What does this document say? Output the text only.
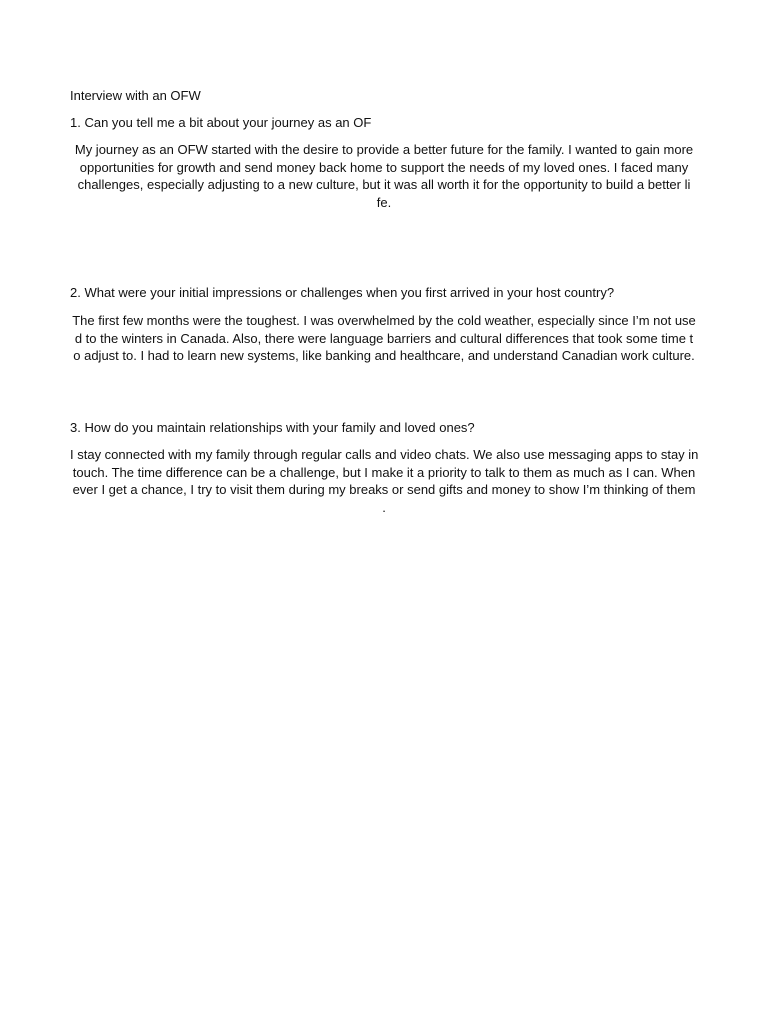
Interview with an OFW
1. Can you tell me a bit about your journey as an OF
My journey as an OFW started with the desire to provide a better future for the family. I wanted to gain more
opportunities for growth and send money back home to support the needs of my loved ones. I faced many
challenges, especially adjusting to a new culture, but it was all worth it for the opportunity to build a better li
fe.
2. What were your initial impressions or challenges when you first arrived in your host country?
The first few months were the toughest. I was overwhelmed by the cold weather, especially since I’m not use
d to the winters in Canada. Also, there were language barriers and cultural differences that took some time t
o adjust to. I had to learn new systems, like banking and healthcare, and understand Canadian work culture.
3. How do you maintain relationships with your family and loved ones?
I stay connected with my family through regular calls and video chats. We also use messaging apps to stay in
touch. The time difference can be a challenge, but I make it a priority to talk to them as much as I can. When
ever I get a chance, I try to visit them during my breaks or send gifts and money to show I’m thinking of them
.
